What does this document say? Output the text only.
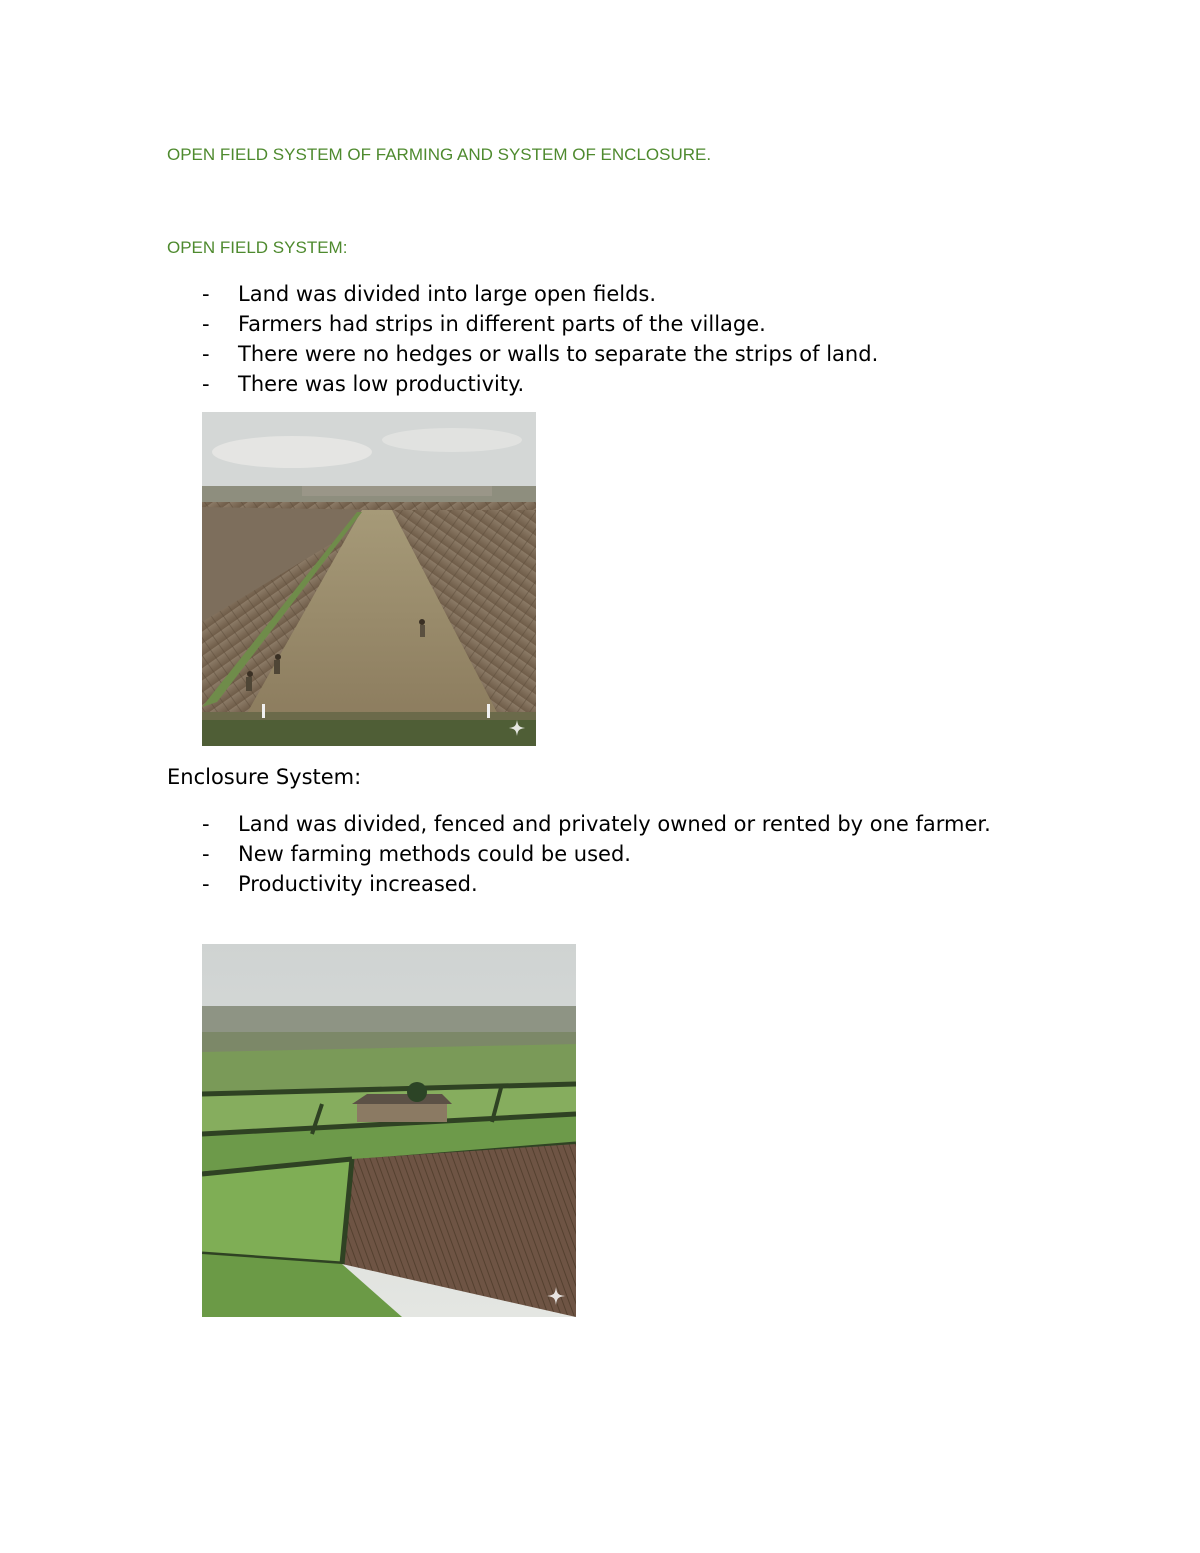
OPEN FIELD SYSTEM OF FARMING AND SYSTEM OF ENCLOSURE.
OPEN FIELD SYSTEM:
- Land was divided into large open fields.
- Farmers had strips in different parts of the village.
- There were no hedges or walls to separate the strips of land.
- There was low productivity.
Enclosure System:
- Land was divided, fenced and privately owned or rented by one farmer.
- New farming methods could be used.
- Productivity increased.
